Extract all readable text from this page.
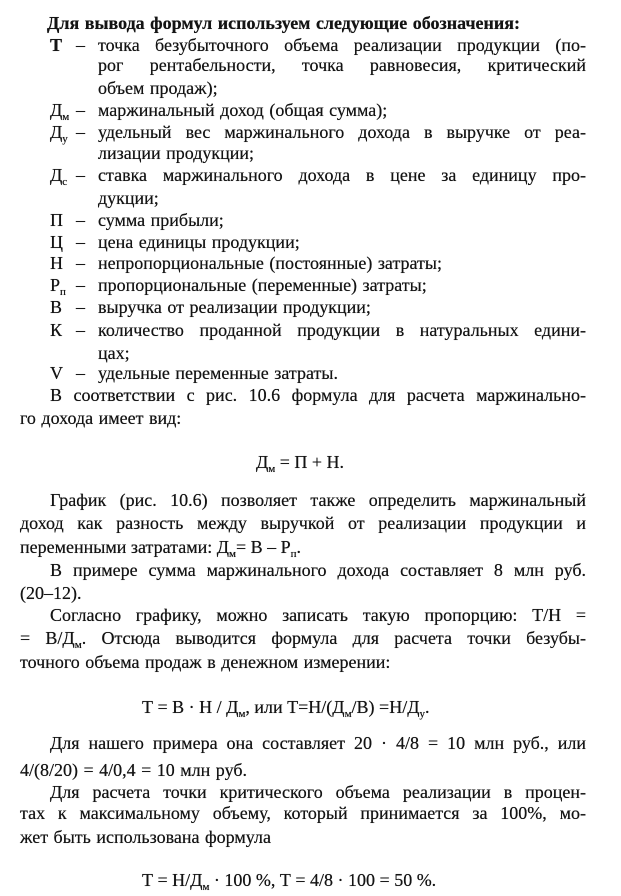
Для вывода формул используем следующие обозначения:
Т – точка безубыточного объема реализации продукции (по-
рог рентабельности, точка равновесия, критический
объем продаж);
$Д_м$ – маржинальный доход (общая сумма);
$Д_у$ – удельный вес маржинального дохода в выручке от реа-
лизации продукции;
$Д_с$ – ставка маржинального дохода в цене за единицу про-
дукции;
П – сумма прибыли;
Ц – цена единицы продукции;
Н – непропорциональные (постоянные) затраты;
$Р_п$ – пропорциональные (переменные) затраты;
В – выручка от реализации продукции;
К – количество проданной продукции в натуральных едини-
цах;
V – удельные переменные затраты.
В соответствии с рис. 10.6 формула для расчета маржинально-
го дохода имеет вид:
$Д_м = П + Н$.
График (рис. 10.6) позволяет также определить маржинальный
доход как разность между выручкой от реализации продукции и
переменными затратами: $Д_м= В - Р_п$.
В примере сумма маржинального дохода составляет 8 млн руб.
(20–12).
Согласно графику, можно записать такую пропорцию: Т/Н =
= $В/Д_м$. Отсюда выводится формула для расчета точки безубы-
точного объема продаж в денежном измерении:
$Т = В \cdot Н / Д_м$, или $Т=Н/(Д_м/В) =Н/Д_у$.
Для нашего примера она составляет 20 · 4/8 = 10 млн руб., или
4/(8/20) = 4/0,4 = 10 млн руб.
Для расчета точки критического объема реализации в процен-
тах к максимальному объему, который принимается за 100%, мо-
жет быть использована формула
$Т = Н/Д_м \cdot 100$ %, Т = 4/8 · 100 = 50 %.
